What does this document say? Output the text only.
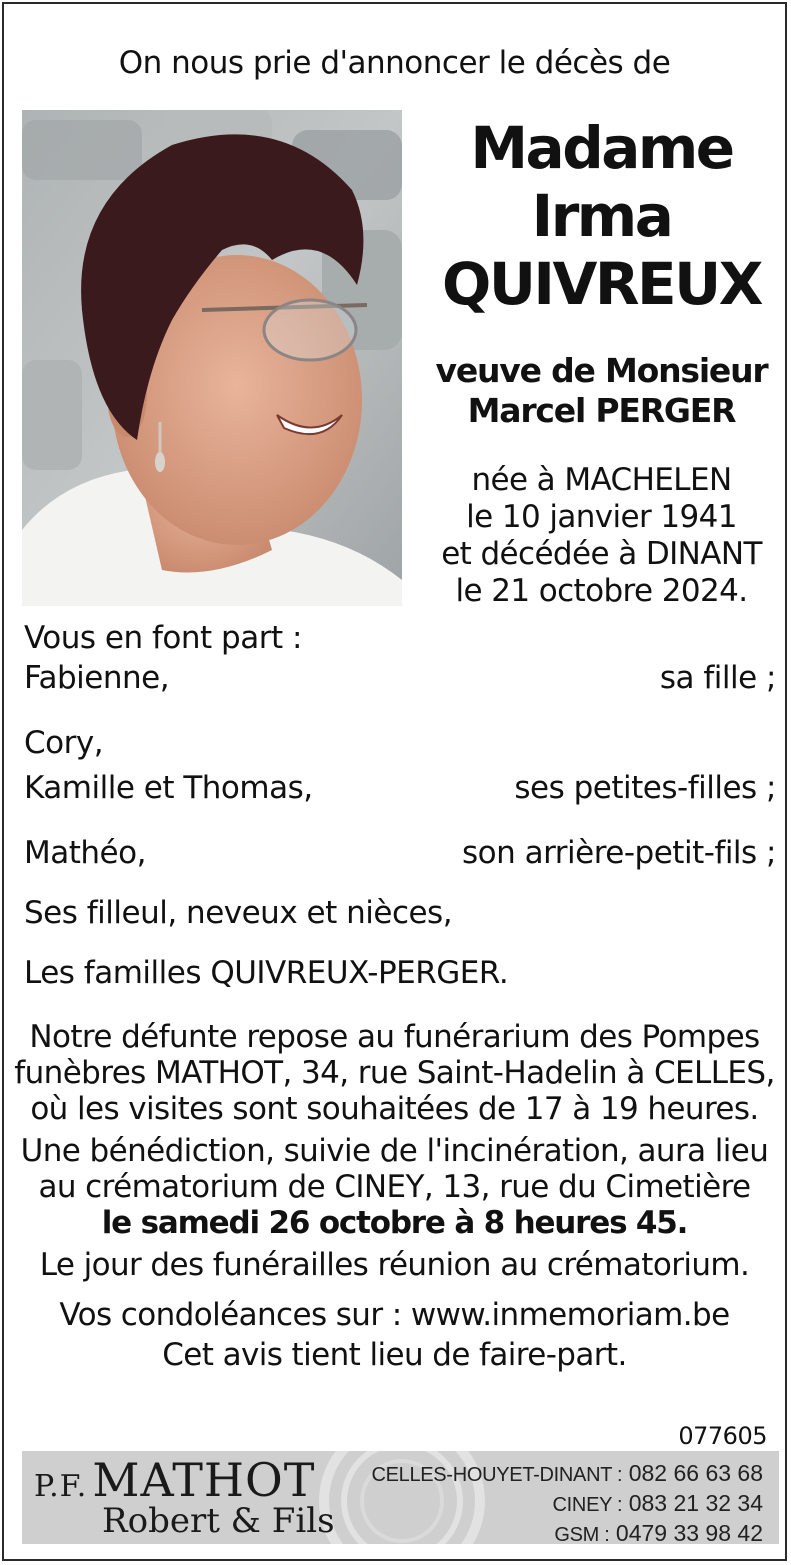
On nous prie d'annoncer le décès de
Madame
Irma
QUIVREUX
veuve de Monsieur
Marcel PERGER
née à MACHELEN
le 10 janvier 1941
et décédée à DINANT
le 21 octobre 2024.
Vous en font part :
Fabienne,	sa fille ;
Cory,
Kamille et Thomas,	ses petites-filles ;
Mathéo,	son arrière-petit-fils ;
Ses filleul, neveux et nièces,
Les familles QUIVREUX-PERGER.

Notre défunte repose au funérarium des Pompes

funèbres MATHOT, 34, rue Saint-Hadelin à CELLES,

où les visites sont souhaitées de 17 à 19 heures.

Une bénédiction, suivie de l'incinération, aura lieu

au crématorium de CINEY, 13, rue du Cimetière

le samedi 26 octobre à 8 heures 45.

Le jour des funérailles réunion au crématorium.

Vos condoléances sur : www.inmemoriam.be

Cet avis tient lieu de faire-part.

077605
P.F. MATHOT
Robert & Fils
CELLES-HOUYET-DINANT : 082 66 63 68
CINEY : 083 21 32 34
GSM : 0479 33 98 42
